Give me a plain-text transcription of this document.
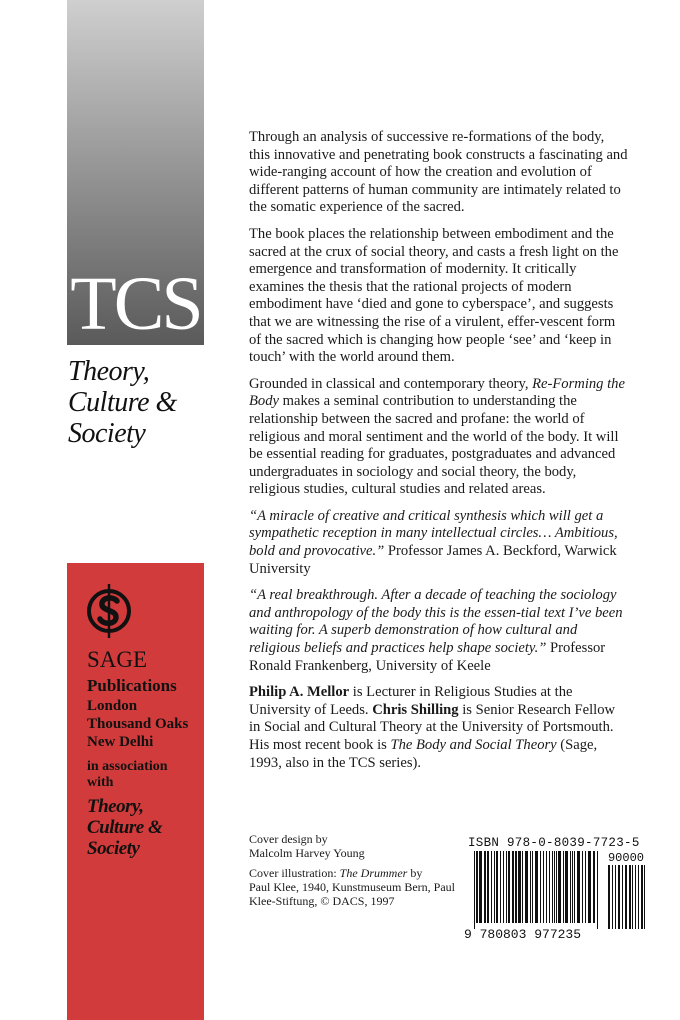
TCS
Theory,
Culture &
Society
SAGE
Publications
London
Thousand Oaks
New Delhi
in association
with
Theory,
Culture &
Society

Through an analysis of successive re-formations of the body, this innovative and penetrating book constructs a fascinating and wide-ranging account of how the creation and evolution of different patterns of human community are intimately related to the somatic experience of the sacred.

The book places the relationship between embodiment and the sacred at the crux of social theory, and casts a fresh light on the emergence and transformation of modernity. It critically examines the thesis that the rational projects of modern embodiment have ‘died and gone to cyberspace’, and suggests that we are witnessing the rise of a virulent, effer-vescent form of the sacred which is changing how people ‘see’ and ‘keep in touch’ with the world around them.

Grounded in classical and contemporary theory, Re-Forming the Body makes a seminal contribution to understanding the relationship between the sacred and profane: the world of religious and moral sentiment and the world of the body. It will be essential reading for graduates, postgraduates and advanced undergraduates in sociology and social theory, the body, religious studies, cultural studies and related areas.

“A miracle of creative and critical synthesis which will get a sympathetic reception in many intellectual circles… Ambitious, bold and provocative.” Professor James A. Beckford, Warwick University

“A real breakthrough. After a decade of teaching the sociology and anthropology of the body this is the essen-tial text I’ve been waiting for. A superb demonstration of how cultural and religious beliefs and practices help shape society.” Professor Ronald Frankenberg, University of Keele

Philip A. Mellor is Lecturer in Religious Studies at the University of Leeds. Chris Shilling is Senior Research Fellow in Social and Cultural Theory at the University of Portsmouth. His most recent book is The Body and Social Theory (Sage, 1993, also in the TCS series).

Cover design by
Malcolm Harvey Young

Cover illustration: The Drummer by
Paul Klee, 1940, Kunstmuseum Bern, Paul Klee-Stiftung, © DACS, 1997

ISBN 978-0-8039-7723-5
90000
9 780803 977235
